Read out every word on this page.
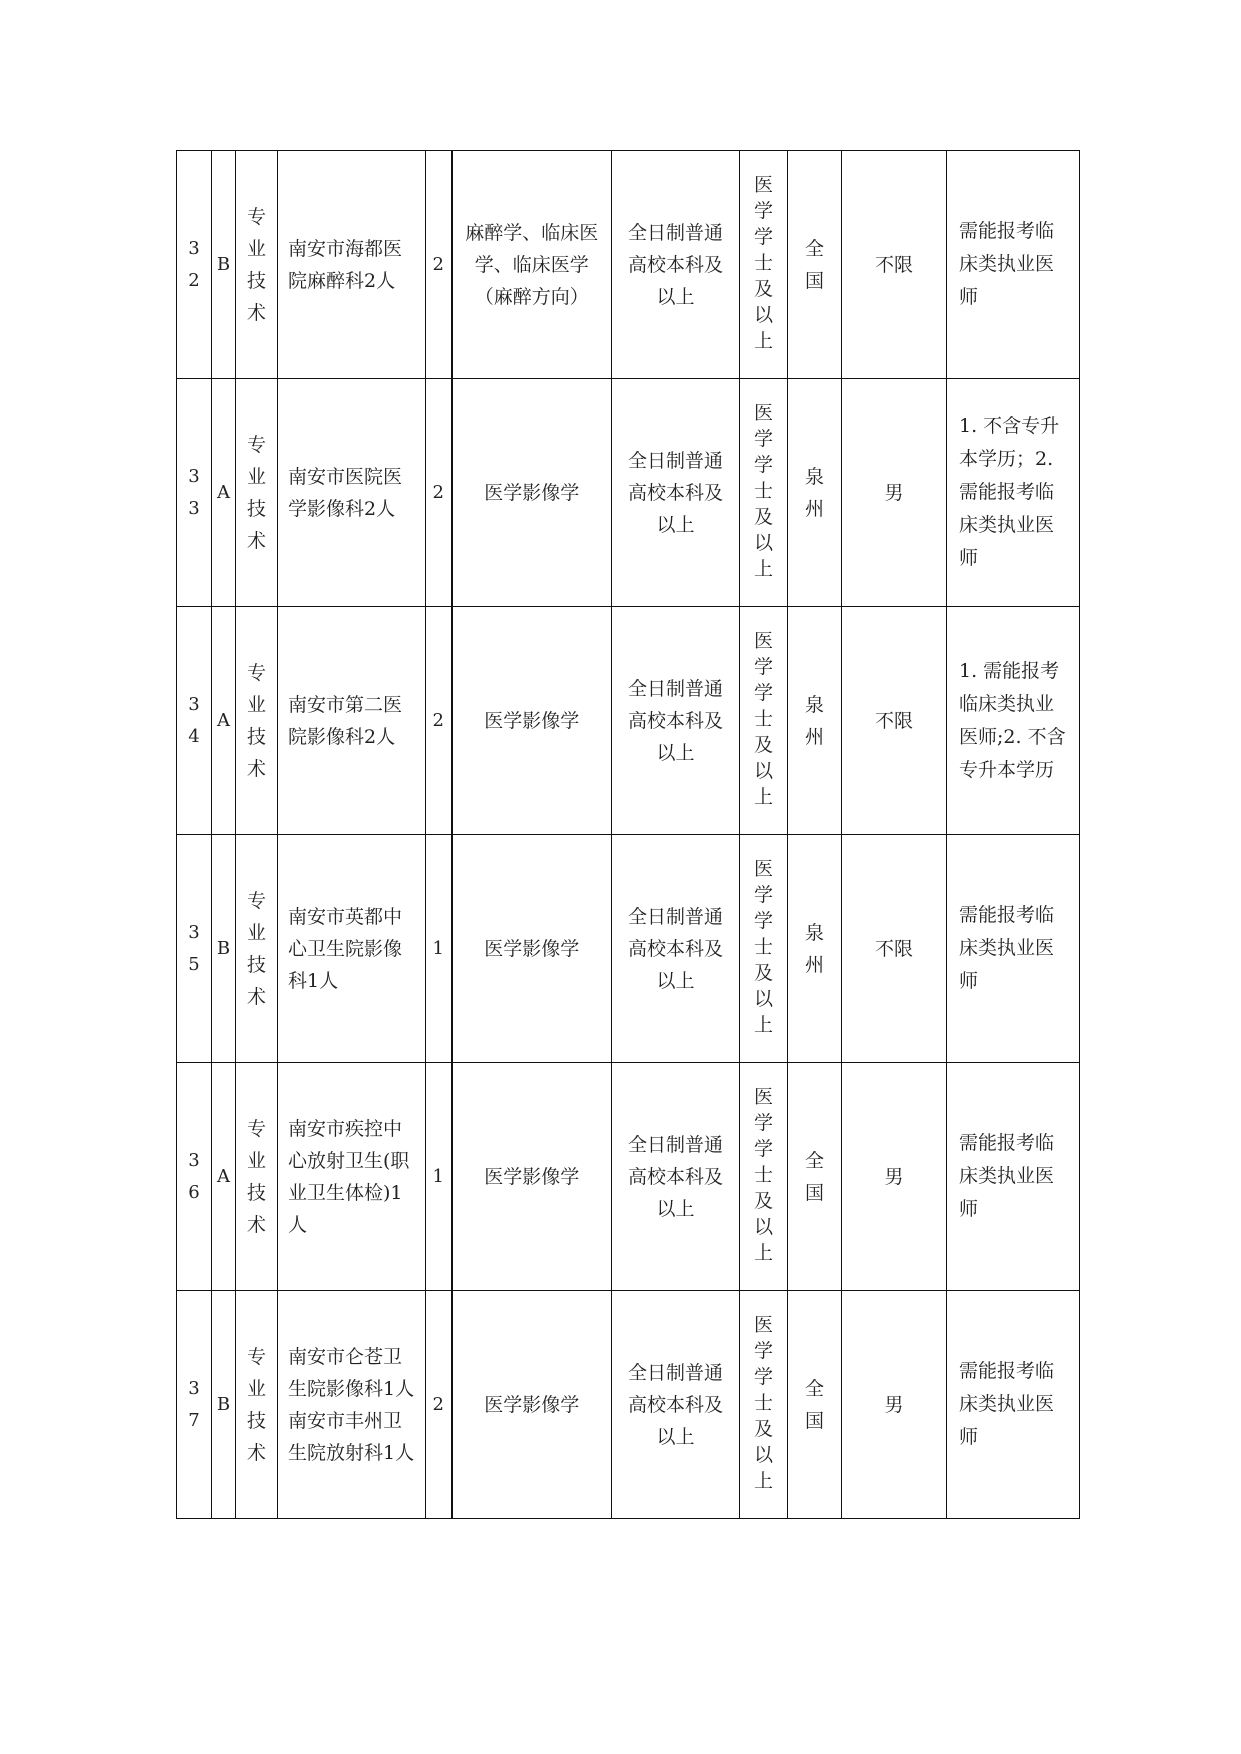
32	B	专业技术	南安市海都医院麻醉科2人	2	麻醉学、临床医学、临床医学（麻醉方向）	全日制普通高校本科及以上	医学学士及以上	全国	不限	需能报考临床类执业医师
33	A	专业技术	南安市医院医学影像科2人	2	医学影像学	全日制普通高校本科及以上	医学学士及以上	泉州	男	1. 不含专升本学历；2. 需能报考临床类执业医师
34	A	专业技术	南安市第二医院影像科2人	2	医学影像学	全日制普通高校本科及以上	医学学士及以上	泉州	不限	1. 需能报考临床类执业医师;2. 不含专升本学历
35	B	专业技术	南安市英都中心卫生院影像科1人	1	医学影像学	全日制普通高校本科及以上	医学学士及以上	泉州	不限	需能报考临床类执业医师
36	A	专业技术	南安市疾控中心放射卫生(职业卫生体检)1人	1	医学影像学	全日制普通高校本科及以上	医学学士及以上	全国	男	需能报考临床类执业医师
37	B	专业技术	南安市仑苍卫生院影像科1人南安市丰州卫生院放射科1人	2	医学影像学	全日制普通高校本科及以上	医学学士及以上	全国	男	需能报考临床类执业医师
